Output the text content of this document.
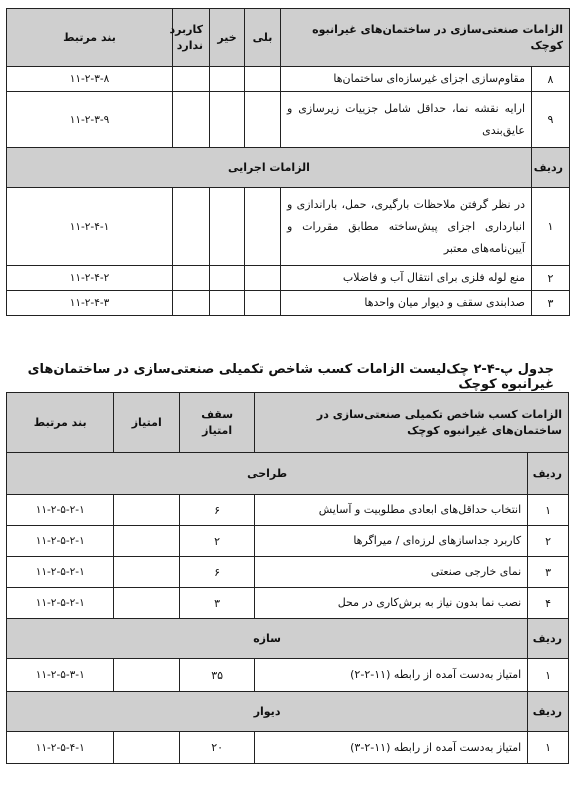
الزامات صنعتی‌سازی در ساختمان‌های غیرانبوه کوچک		بلی	خیر	کاربرد ندارد	بند مرتبط
۸	مقاوم‌سازی اجزای غیرسازه‌ای ساختمان‌ها				۱۱-۲-۳-۸
۹	ارایه نقشه نما، حداقل شامل جزییات زیرسازی و عایق‌بندی				۱۱-۲-۳-۹
ردیف	الزامات اجرایی				
۱	در نظر گرفتن ملاحظات بارگیری، حمل، باراندازی و انبارداری اجزای پیش‌ساخته مطابق مقررات و آیین‌نامه‌های معتبر				۱۱-۲-۴-۱
۲	منع لوله فلزی برای انتقال آب و فاضلاب				۱۱-۲-۴-۲
۳	صدابندی سقف و دیوار میان واحدها				۱۱-۲-۴-۳

جدول پ-۴-۲ چک‌لیست الزامات کسب شاخص تکمیلی صنعتی‌سازی در ساختمان‌های غیرانبوه کوچک

الزامات کسب شاخص تکمیلی صنعتی‌سازی در ساختمان‌های غیرانبوه کوچک		سقف امتیاز	امتیاز	بند مرتبط
ردیف	طراحی			
۱	انتخاب حداقل‌های ابعادی مطلوبیت و آسایش	۶		۱۱-۲-۵-۲-۱
۲	کاربرد جداسازهای لرزه‌ای / میراگرها	۲		۱۱-۲-۵-۲-۱
۳	نمای خارجی صنعتی	۶		۱۱-۲-۵-۲-۱
۴	نصب نما بدون نیاز به برش‌کاری در محل	۳		۱۱-۲-۵-۲-۱
ردیف	سازه			
۱	امتیاز به‌دست آمده از رابطه (۱۱-۲-۲)	۳۵		۱۱-۲-۵-۳-۱
ردیف	دیوار			
۱	امتیاز به‌دست آمده از رابطه (۱۱-۲-۳)	۲۰		۱۱-۲-۵-۴-۱
